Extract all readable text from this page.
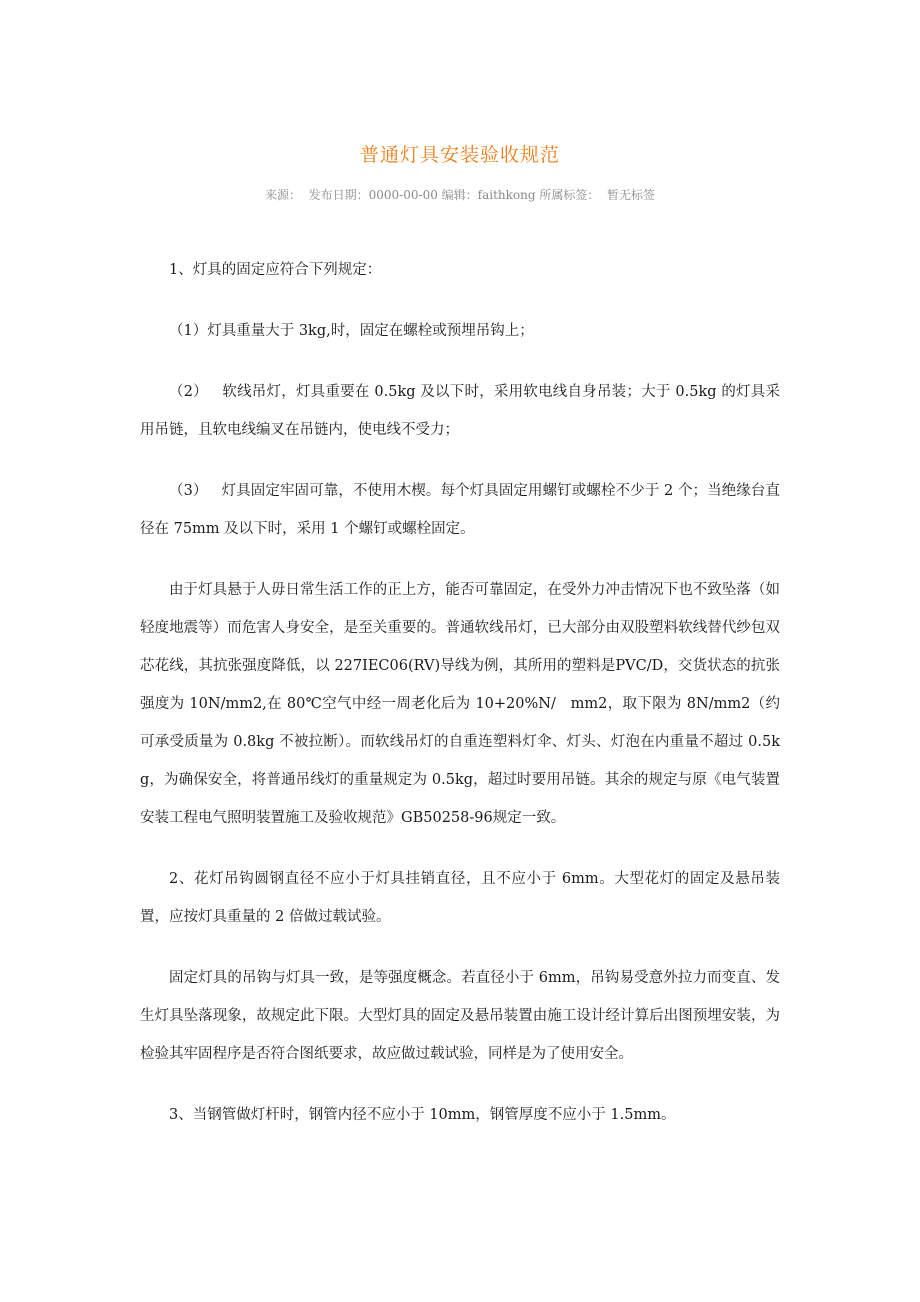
普通灯具安装验收规范
来源：  发布日期：0000-00-00 编辑：faithkong 所属标签：  暂无标签

1、灯具的固定应符合下列规定：

（1）灯具重量大于 3kg,时，固定在螺栓或预埋吊钩上；

（2）   软线吊灯，灯具重要在 0.5kg 及以下时，采用软电线自身吊装；大于 0.5kg 的灯具采用吊链，且软电线编叉在吊链内，使电线不受力；

（3）   灯具固定牢固可靠，不使用木楔。每个灯具固定用螺钉或螺栓不少于 2 个；当绝缘台直径在 75mm 及以下时，采用 1 个螺钉或螺栓固定。

由于灯具悬于人毋日常生活工作的正上方，能否可靠固定，在受外力冲击情况下也不致坠落（如轻度地震等）而危害人身安全，是至关重要的。普通软线吊灯，已大部分由双股塑料软线替代纱包双芯花线，其抗张强度降低，以 227IEC06(RV)导线为例，其所用的塑料是PVC/D，交货状态的抗张强度为 10N/mm2,在 80℃空气中经一周老化后为 10+20%N/   mm2，取下限为 8N/mm2（约可承受质量为 0.8kg 不被拉断）。而软线吊灯的自重连塑料灯伞、灯头、灯泡在内重量不超过 0.5kg，为确保安全，将普通吊线灯的重量规定为 0.5kg，超过时要用吊链。其余的规定与原《电气装置安装工程电气照明装置施工及验收规范》GB50258-96规定一致。

2、花灯吊钩圆钢直径不应小于灯具挂销直径，且不应小于 6mm。大型花灯的固定及悬吊装置，应按灯具重量的 2 倍做过载试验。

固定灯具的吊钩与灯具一致，是等强度概念。若直径小于 6mm，吊钩易受意外拉力而变直、发生灯具坠落现象，故规定此下限。大型灯具的固定及悬吊装置由施工设计经计算后出图预埋安装，为检验其牢固程序是否符合图纸要求，故应做过载试验，同样是为了使用安全。

3、当钢管做灯杆时，钢管内径不应小于 10mm，钢管厚度不应小于 1.5mm。
